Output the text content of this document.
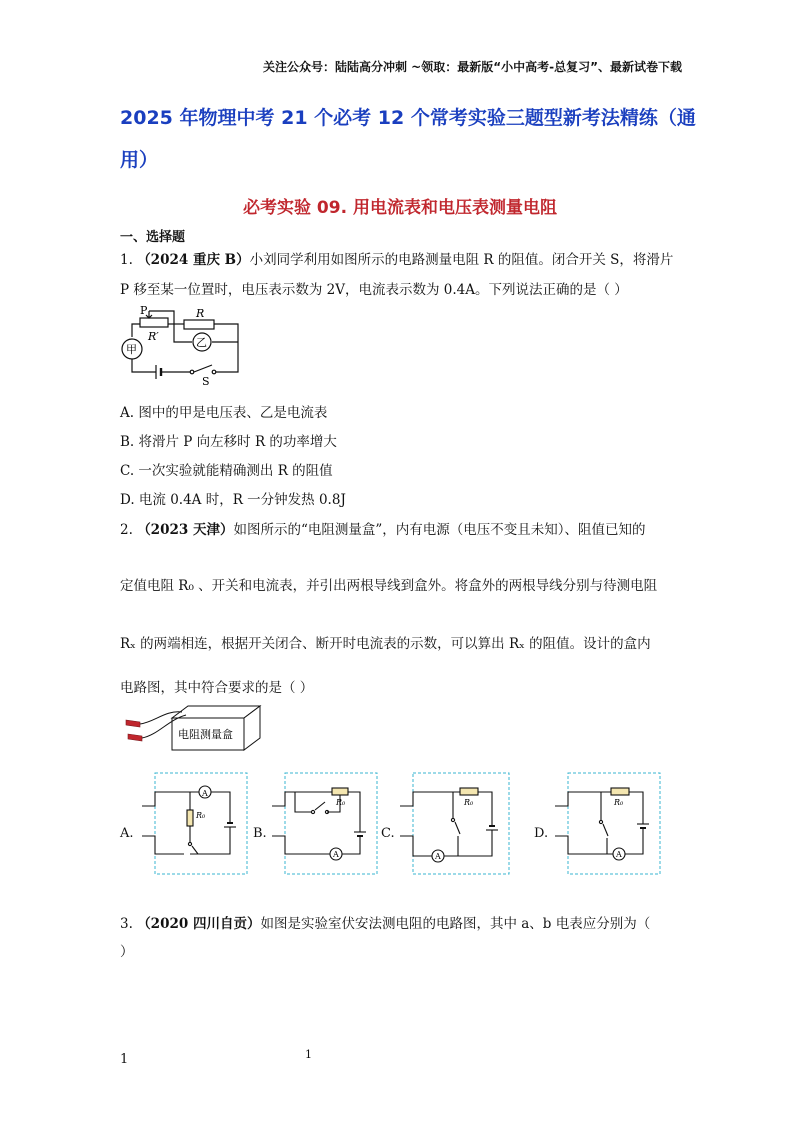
关注公众号：陆陆高分冲刺 ~领取：最新版“小中高考-总复习”、最新试卷下载
2025 年物理中考 21 个必考 12 个常考实验三题型新考法精练（通
用）
必考实验 09. 用电流表和电压表测量电阻
一、选择题
1. （2024 重庆 B）小刘同学利用如图所示的电路测量电阻 R 的阻值。闭合开关 S，将滑片
P 移至某一位置时，电压表示数为 2V，电流表示数为 0.4A。下列说法正确的是（ ）
P	R
R′
甲
乙
S
A. 图中的甲是电压表、乙是电流表
B. 将滑片 P 向左移时 R 的功率增大
C. 一次实验就能精确测出 R 的阻值
D. 电流 0.4A 时，R 一分钟发热 0.8J
2. （2023 天津）如图所示的“电阻测量盒”，内有电源（电压不变且未知）、阻值已知的
定值电阻 R₀ 、开关和电流表，并引出两根导线到盒外。将盒外的两根导线分别与待测电阻
Rₓ 的两端相连，根据开关闭合、断开时电流表的示数，可以算出 Rₓ 的阻值。设计的盒内
电路图，其中符合要求的是（ ）
电阻测量盒
A.	B.	C.	D.
A
R₀
A
R₀
A
R₀
A
R₀
3. （2020 四川自贡）如图是实验室伏安法测电阻的电路图，其中 a、b 电表应分别为（
）
1	1
